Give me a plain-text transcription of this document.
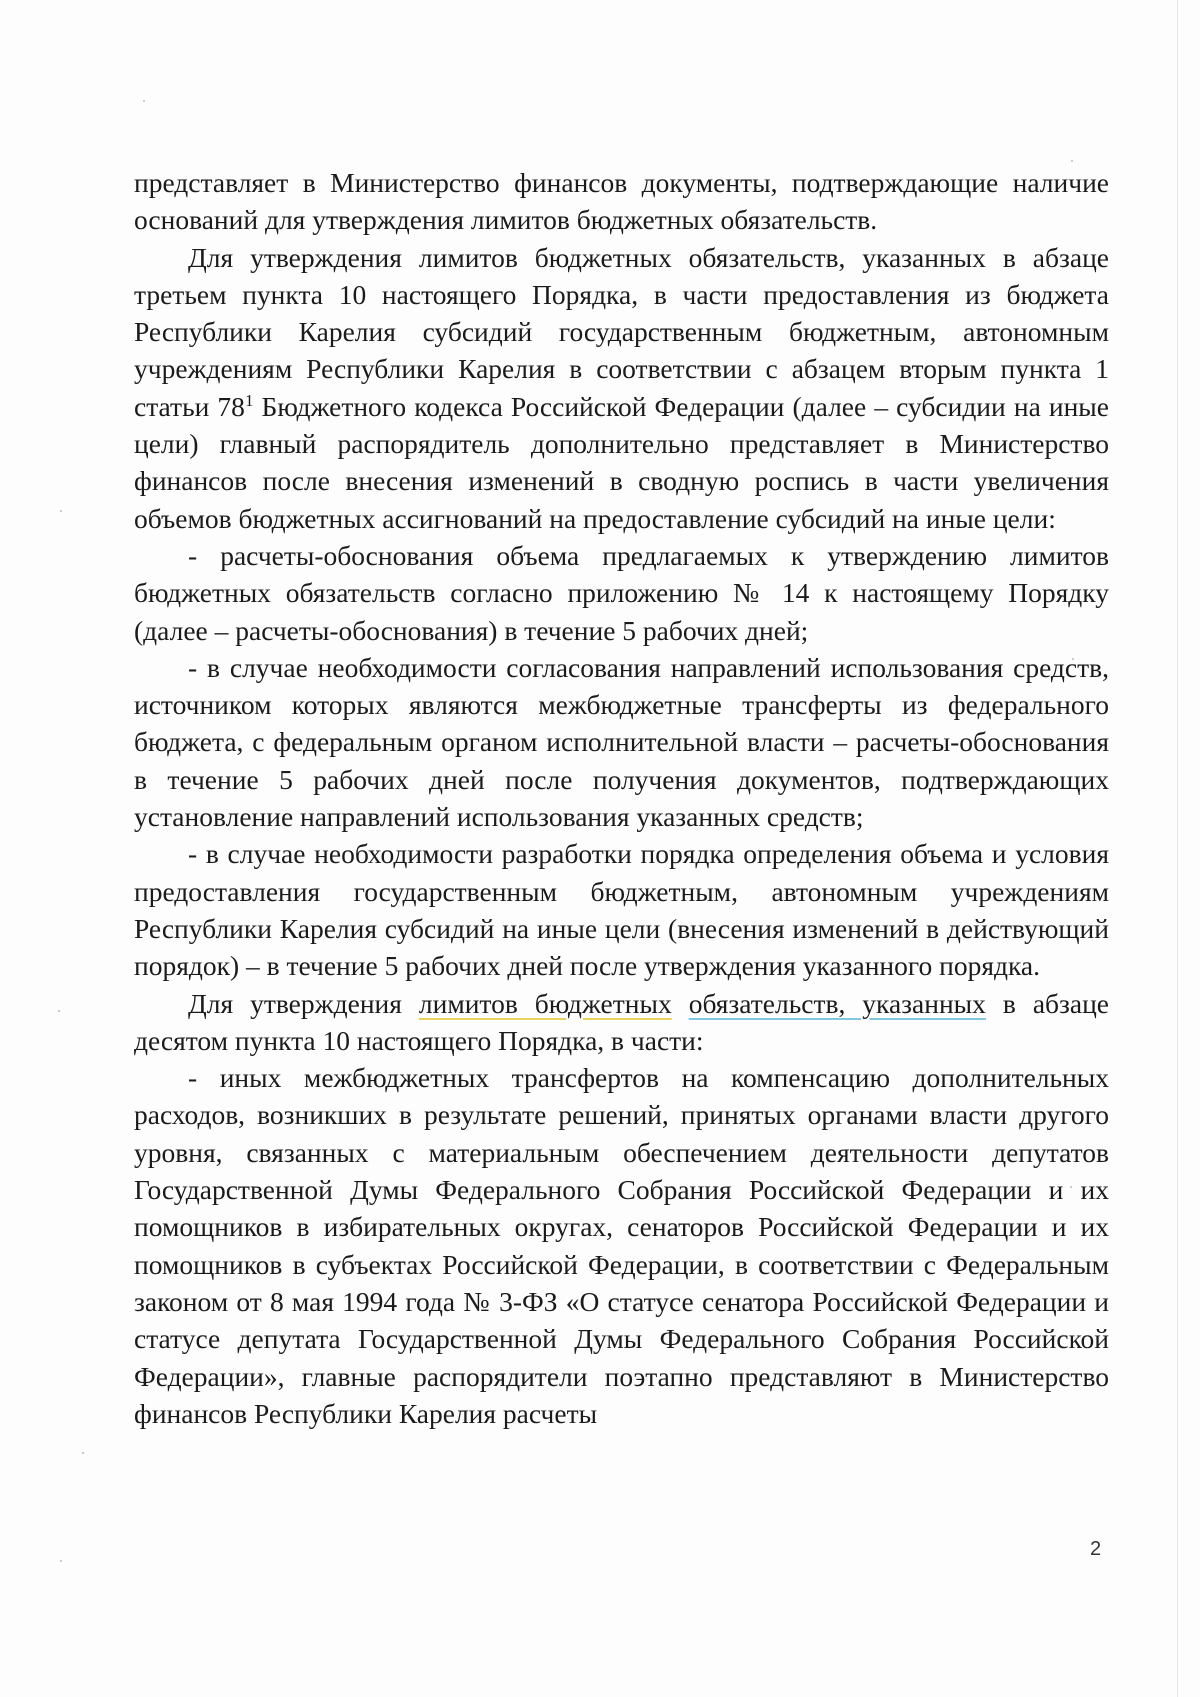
представляет в Министерство финансов документы, подтверждающие наличие оснований для утверждения лимитов бюджетных обязательств.

Для утверждения лимитов бюджетных обязательств, указанных в абзаце третьем пункта 10 настоящего Порядка, в части предоставления из бюджета Республики Карелия субсидий государственным бюджетным, автономным учреждениям Республики Карелия в соответствии с абзацем вторым пункта 1 статьи $78^1$ Бюджетного кодекса Российской Федерации (далее – субсидии на иные цели) главный распорядитель дополнительно представляет в Министерство финансов после внесения изменений в сводную роспись в части увеличения объемов бюджетных ассигнований на предоставление субсидий на иные цели:

- расчеты-обоснования объема предлагаемых к утверждению лимитов бюджетных обязательств согласно приложению № 14 к настоящему Порядку (далее – расчеты-обоснования) в течение 5 рабочих дней;

- в случае необходимости согласования направлений использования средств, источником которых являются межбюджетные трансферты из федерального бюджета, с федеральным органом исполнительной власти – расчеты-обоснования в течение 5 рабочих дней после получения документов, подтверждающих установление направлений использования указанных средств;

- в случае необходимости разработки порядка определения объема и условия предоставления государственным бюджетным, автономным учреждениям Республики Карелия субсидий на иные цели (внесения изменений в действующий порядок) – в течение 5 рабочих дней после утверждения указанного порядка.

Для утверждения лимитов бюджетных обязательств, указанных в абзаце десятом пункта 10 настоящего Порядка, в части:

- иных межбюджетных трансфертов на компенсацию дополнительных расходов, возникших в результате решений, принятых органами власти другого уровня, связанных с материальным обеспечением деятельности депутатов Государственной Думы Федерального Собрания Российской Федерации и их помощников в избирательных округах, сенаторов Российской Федерации и их помощников в субъектах Российской Федерации, в соответствии с Федеральным законом от 8 мая 1994 года № 3-ФЗ «О статусе сенатора Российской Федерации и статусе депутата Государственной Думы Федерального Собрания Российской Федерации», главные распорядители поэтапно представляют в Министерство финансов Республики Карелия расчеты

2
